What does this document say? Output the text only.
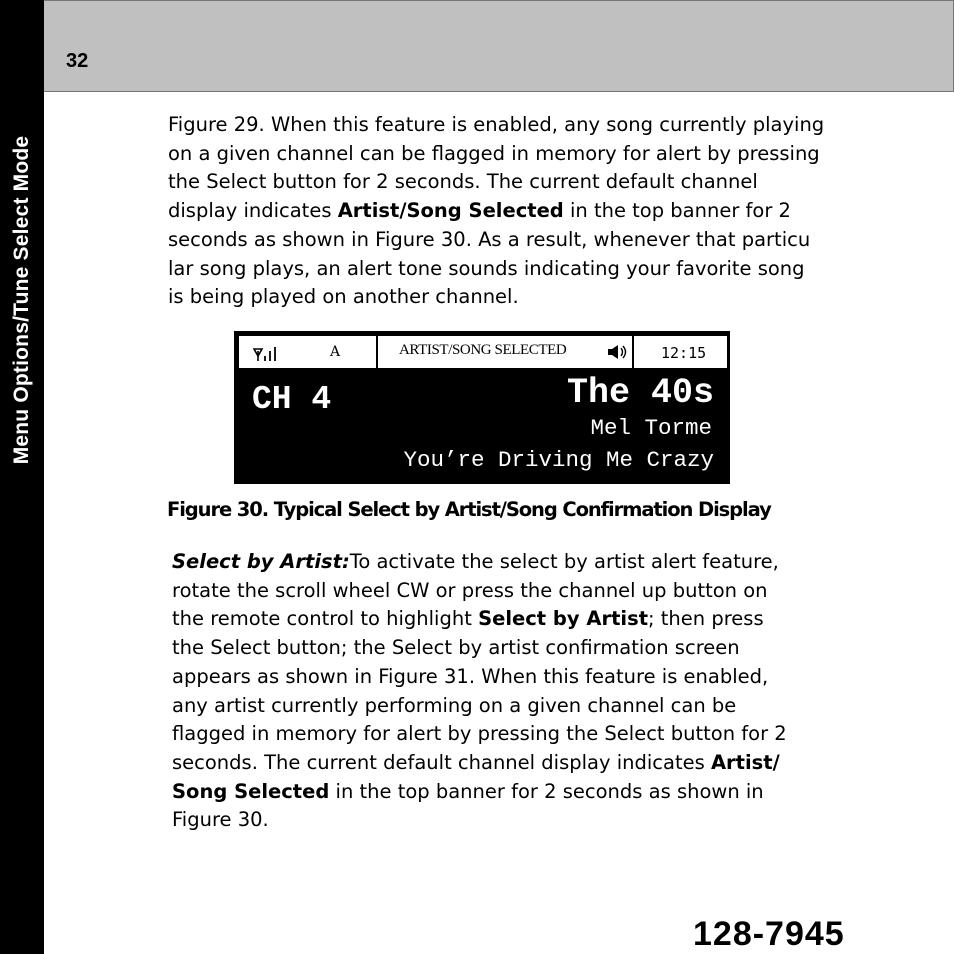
Menu Options/Tune Select Mode
32
Figure 29. When this feature is enabled, any song currently playing
on a given channel can be flagged in memory for alert by pressing
the Select button for 2 seconds. The current default channel
display indicates Artist/Song Selected in the top banner for 2
seconds as shown in Figure 30. As a result, whenever that particu
lar song plays, an alert tone sounds indicating your favorite song
is being played on another channel.
A	ARTIST/SONG SELECTED	12:15
CH 4	The 40s
Mel Torme
You’re Driving Me Crazy
Figure 30. Typical Select by Artist/Song Confirmation Display
Select by Artist:To activate the select by artist alert feature,
rotate the scroll wheel CW or press the channel up button on
the remote control to highlight Select by Artist; then press
the Select button; the Select by artist confirmation screen
appears as shown in Figure 31. When this feature is enabled,
any artist currently performing on a given channel can be
flagged in memory for alert by pressing the Select button for 2
seconds. The current default channel display indicates Artist/
Song Selected in the top banner for 2 seconds as shown in
Figure 30.
128-7945
